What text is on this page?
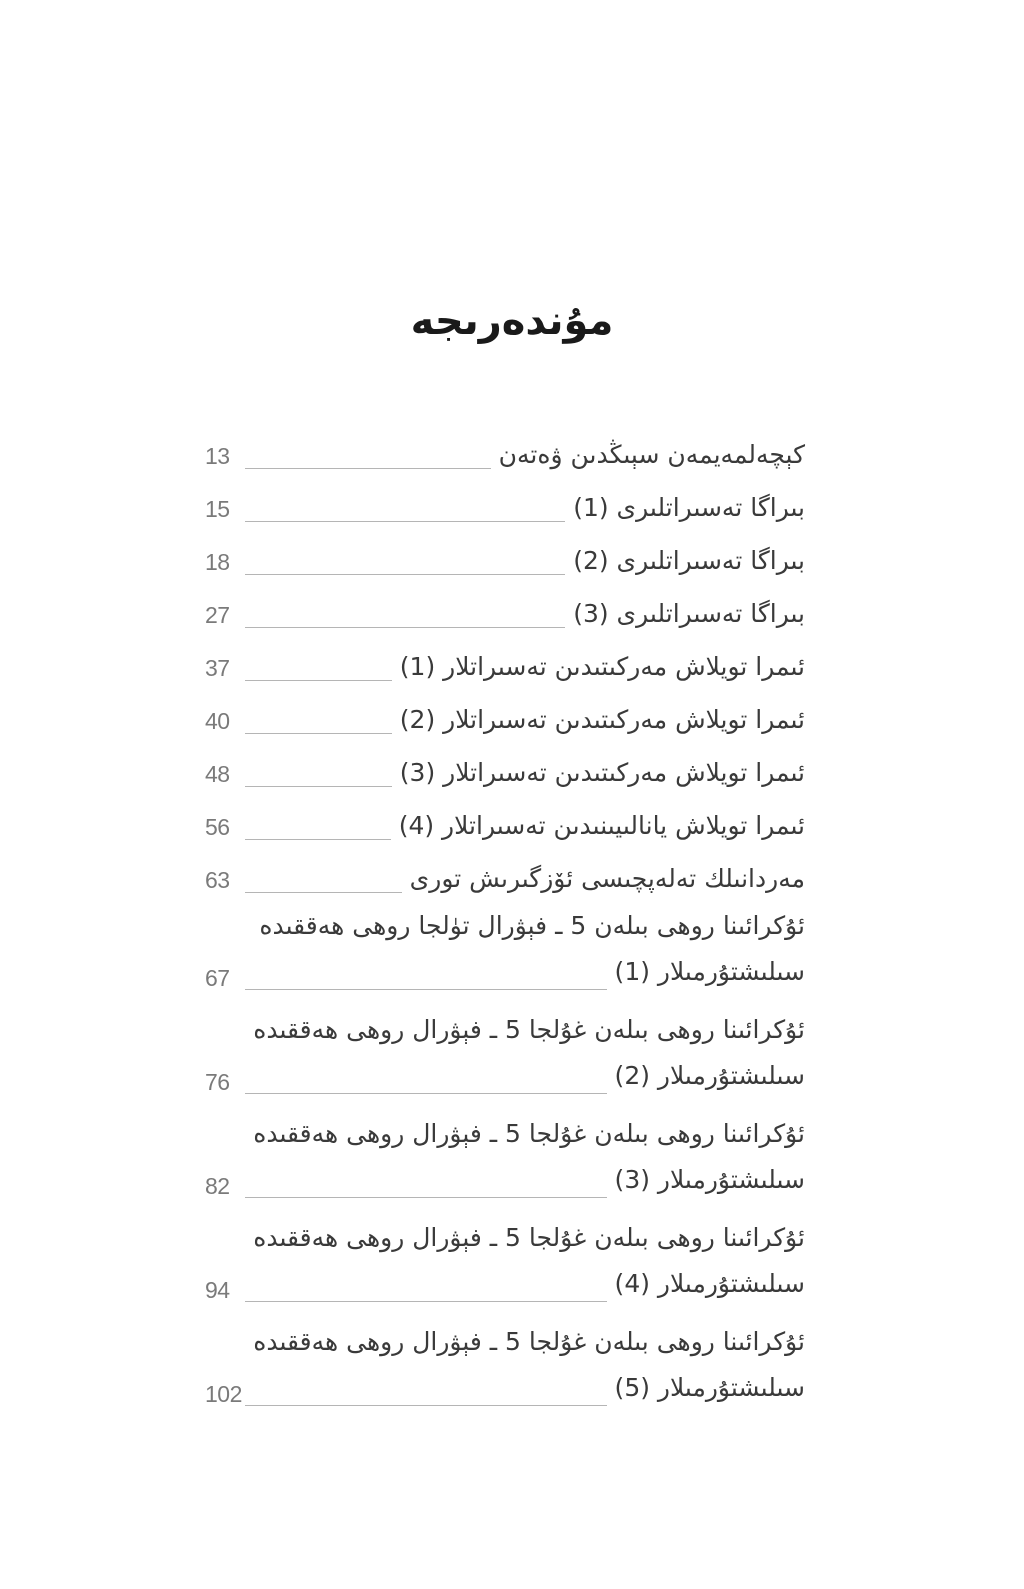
مۇندەرىجە
كېچەلمەيمەن سېىڭدىن ۋەتەن
13
بىراگا تەسىراتلىرى (1)
15
بىراگا تەسىراتلىرى (2)
18
بىراگا تەسىراتلىرى (3)
27
ئىمرا تويلاش مەركىتىدىن تەسىراتلار (1)
37
ئىمرا تويلاش مەركىتىدىن تەسىراتلار (2)
40
ئىمرا تويلاش مەركىتىدىن تەسىراتلار (3)
48
ئىمرا تويلاش يانالىيىنىدىن تەسىراتلار (4)
56
مەردانىلك تەلەپچىسى ئۆزگىرىش تورى
63
ئۇكرائىنا روھى بىلەن 5 ـ فېۋرال تۈلجا روھى ھەققىدە
سىلىشتۇرمىلار (1)
67
ئۇكرائىنا روھى بىلەن غۇلجا 5 ـ فېۋرال روھى ھەققىدە
سىلىشتۇرمىلار (2)
76
ئۇكرائىنا روھى بىلەن غۇلجا 5 ـ فېۋرال روھى ھەققىدە
سىلىشتۇرمىلار (3)
82
ئۇكرائىنا روھى بىلەن غۇلجا 5 ـ فېۋرال روھى ھەققىدە
سىلىشتۇرمىلار (4)
94
ئۇكرائىنا روھى بىلەن غۇلجا 5 ـ فېۋرال روھى ھەققىدە
سىلىشتۇرمىلار (5)
102
